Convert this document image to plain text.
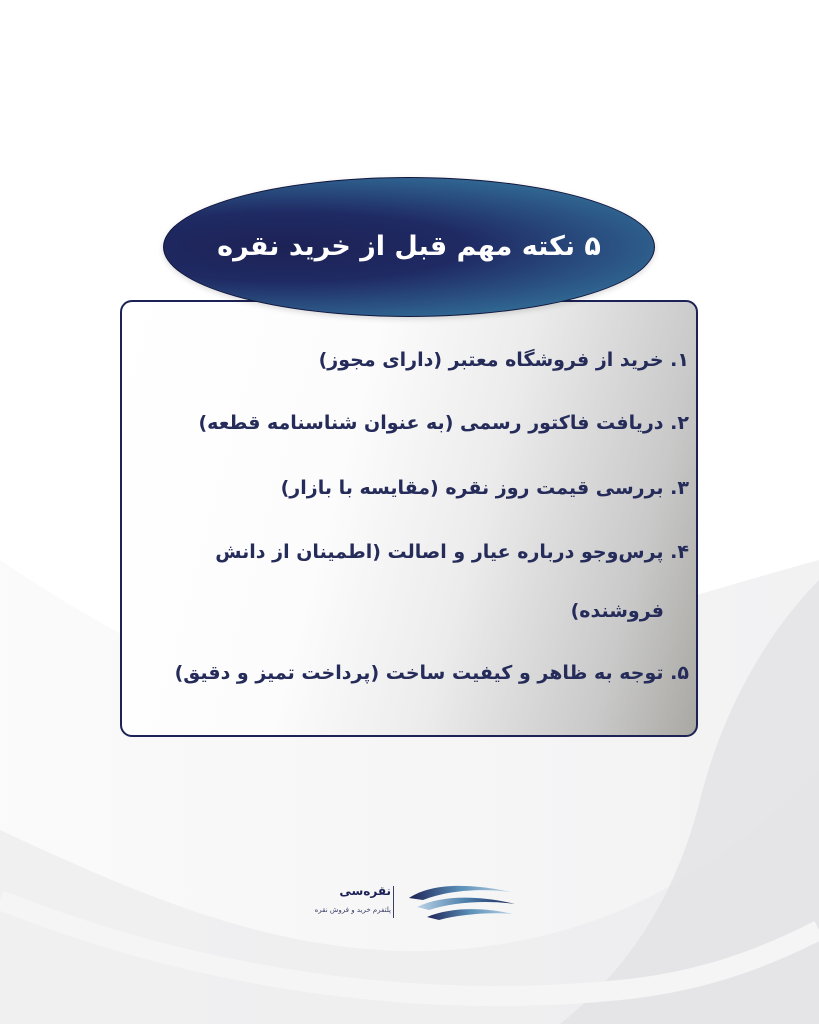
۵ نکته مهم قبل از خرید نقره
۱. خرید از فروشگاه معتبر (دارای مجوز)
۲. دریافت فاکتور رسمی (به عنوان شناسنامه قطعه)
۳. بررسی قیمت روز نقره (مقایسه با بازار)
۴. پرس‌وجو درباره عیار و اصالت (اطمینان از دانش
فروشنده)
۵. توجه به ظاهر و کیفیت ساخت (پرداخت تمیز و دقیق)
نقره‌سی
پلتفرم خرید و فروش نقره
